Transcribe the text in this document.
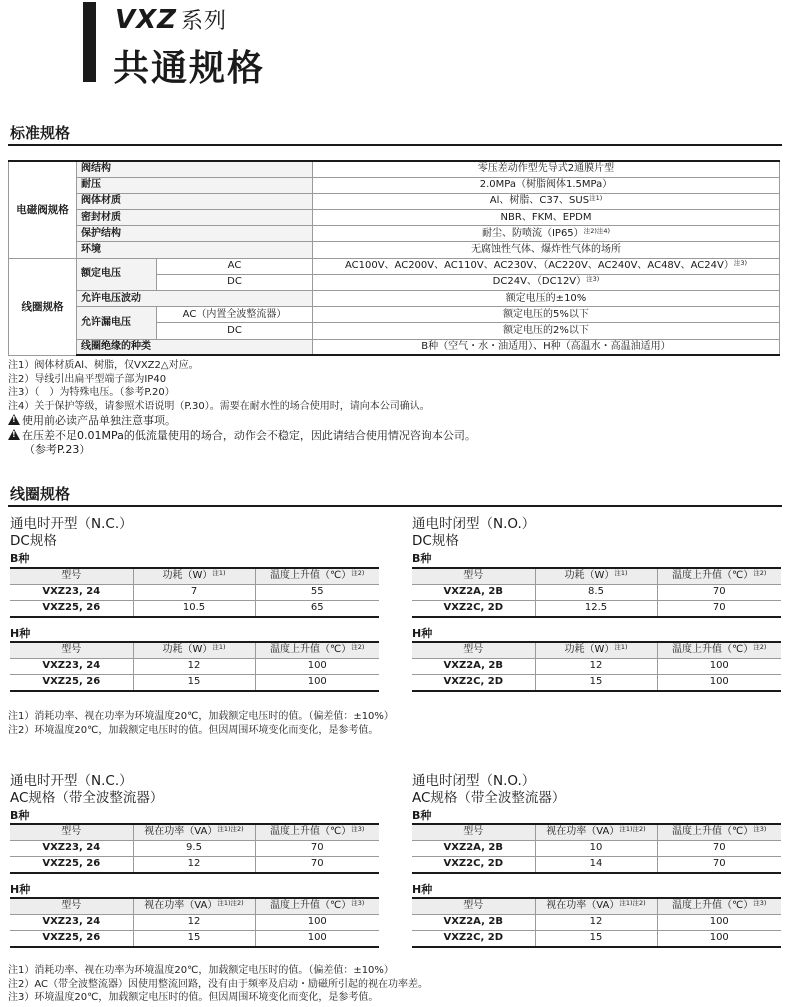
VXZ 系列
共通规格
标准规格
电磁阀规格	阀结构		零压差动作型先导式2通膜片型
	耐压		2.0MPa（树脂阀体1.5MPa）
	阀体材质		Al、树脂、C37、SUS$^{注1)}$
	密封材质		NBR、FKM、EPDM
	保护结构		耐尘、防喷流$(IP65)^{注2)注4)}$
	环境		无腐蚀性气体、爆炸性气体的场所
线圈规格	额定电压	AC	AC100V、AC200V、AC110V、AC230V、（AC220V、AC240V、AC48V、AC24V）$^{注3)}$
		DC	DC24V、$(DC12V)^{注3)}$
	允许电压波动		额定电压的±10%
	允许漏电压	AC（内置全波整流器）	额定电压的5%以下
		DC	额定电压的2%以下
	线圈绝缘的种类		B种（空气・水・油适用）、H种（高温水・高温油适用）
注1）阀体材质Al、树脂，仅VXZ2△对应。
注2）导线引出扁平型端子部为IP40
注3）（　）为特殊电压。（参考P.20）
注4）关于保护等级，请参照术语说明（P.30）。需要在耐水性的场合使用时，请向本公司确认。
!使用前必读产品单独注意事项。
!在压差不足0.01MPa的低流量使用的场合，动作会不稳定，因此请结合使用情况咨询本公司。
（参考P.23）
线圈规格
通电时开型（N.C.）
DC规格
B种
通电时闭型（N.O.）
DC规格
B种
型号	功耗$(W)^{注1)}$	温度上升值（℃）$^{注2)}$
VXZ23, 24	7	55
VXZ25, 26	10.5	65
型号	功耗$(W)^{注1)}$	温度上升值（℃）$^{注2)}$
VXZ2A, 2B	8.5	70
VXZ2C, 2D	12.5	70
H种	H种
型号	功耗$(W)^{注1)}$	温度上升值（℃）$^{注2)}$
VXZ23, 24	12	100
VXZ25, 26	15	100
型号	功耗$(W)^{注1)}$	温度上升值（℃）$^{注2)}$
VXZ2A, 2B	12	100
VXZ2C, 2D	15	100
注1）消耗功率、视在功率为环境温度20℃，加载额定电压时的值。（偏差值：±10%）
注2）环境温度20℃，加载额定电压时的值。但因周围环境变化而变化，是参考值。
通电时开型（N.C.）
AC规格（带全波整流器）
B种
通电时闭型（N.O.）
AC规格（带全波整流器）
B种
型号	视在功率（VA）$^{注1)注2)}$	温度上升值（℃）$^{注3)}$
VXZ23, 24	9.5	70
VXZ25, 26	12	70
型号	视在功率（VA）$^{注1)注2)}$	温度上升值（℃）$^{注3)}$
VXZ2A, 2B	10	70
VXZ2C, 2D	14	70
H种	H种
型号	视在功率（VA）$^{注1)注2)}$	温度上升值（℃）$^{注3)}$
VXZ23, 24	12	100
VXZ25, 26	15	100
型号	视在功率（VA）$^{注1)注2)}$	温度上升值（℃）$^{注3)}$
VXZ2A, 2B	12	100
VXZ2C, 2D	15	100
注1）消耗功率、视在功率为环境温度20℃，加载额定电压时的值。（偏差值：±10%）
注2）AC（带全波整流器）因使用整流回路，没有由于频率及启动・励磁所引起的视在功率差。
注3）环境温度20℃，加载额定电压时的值。但因周围环境变化而变化，是参考值。
